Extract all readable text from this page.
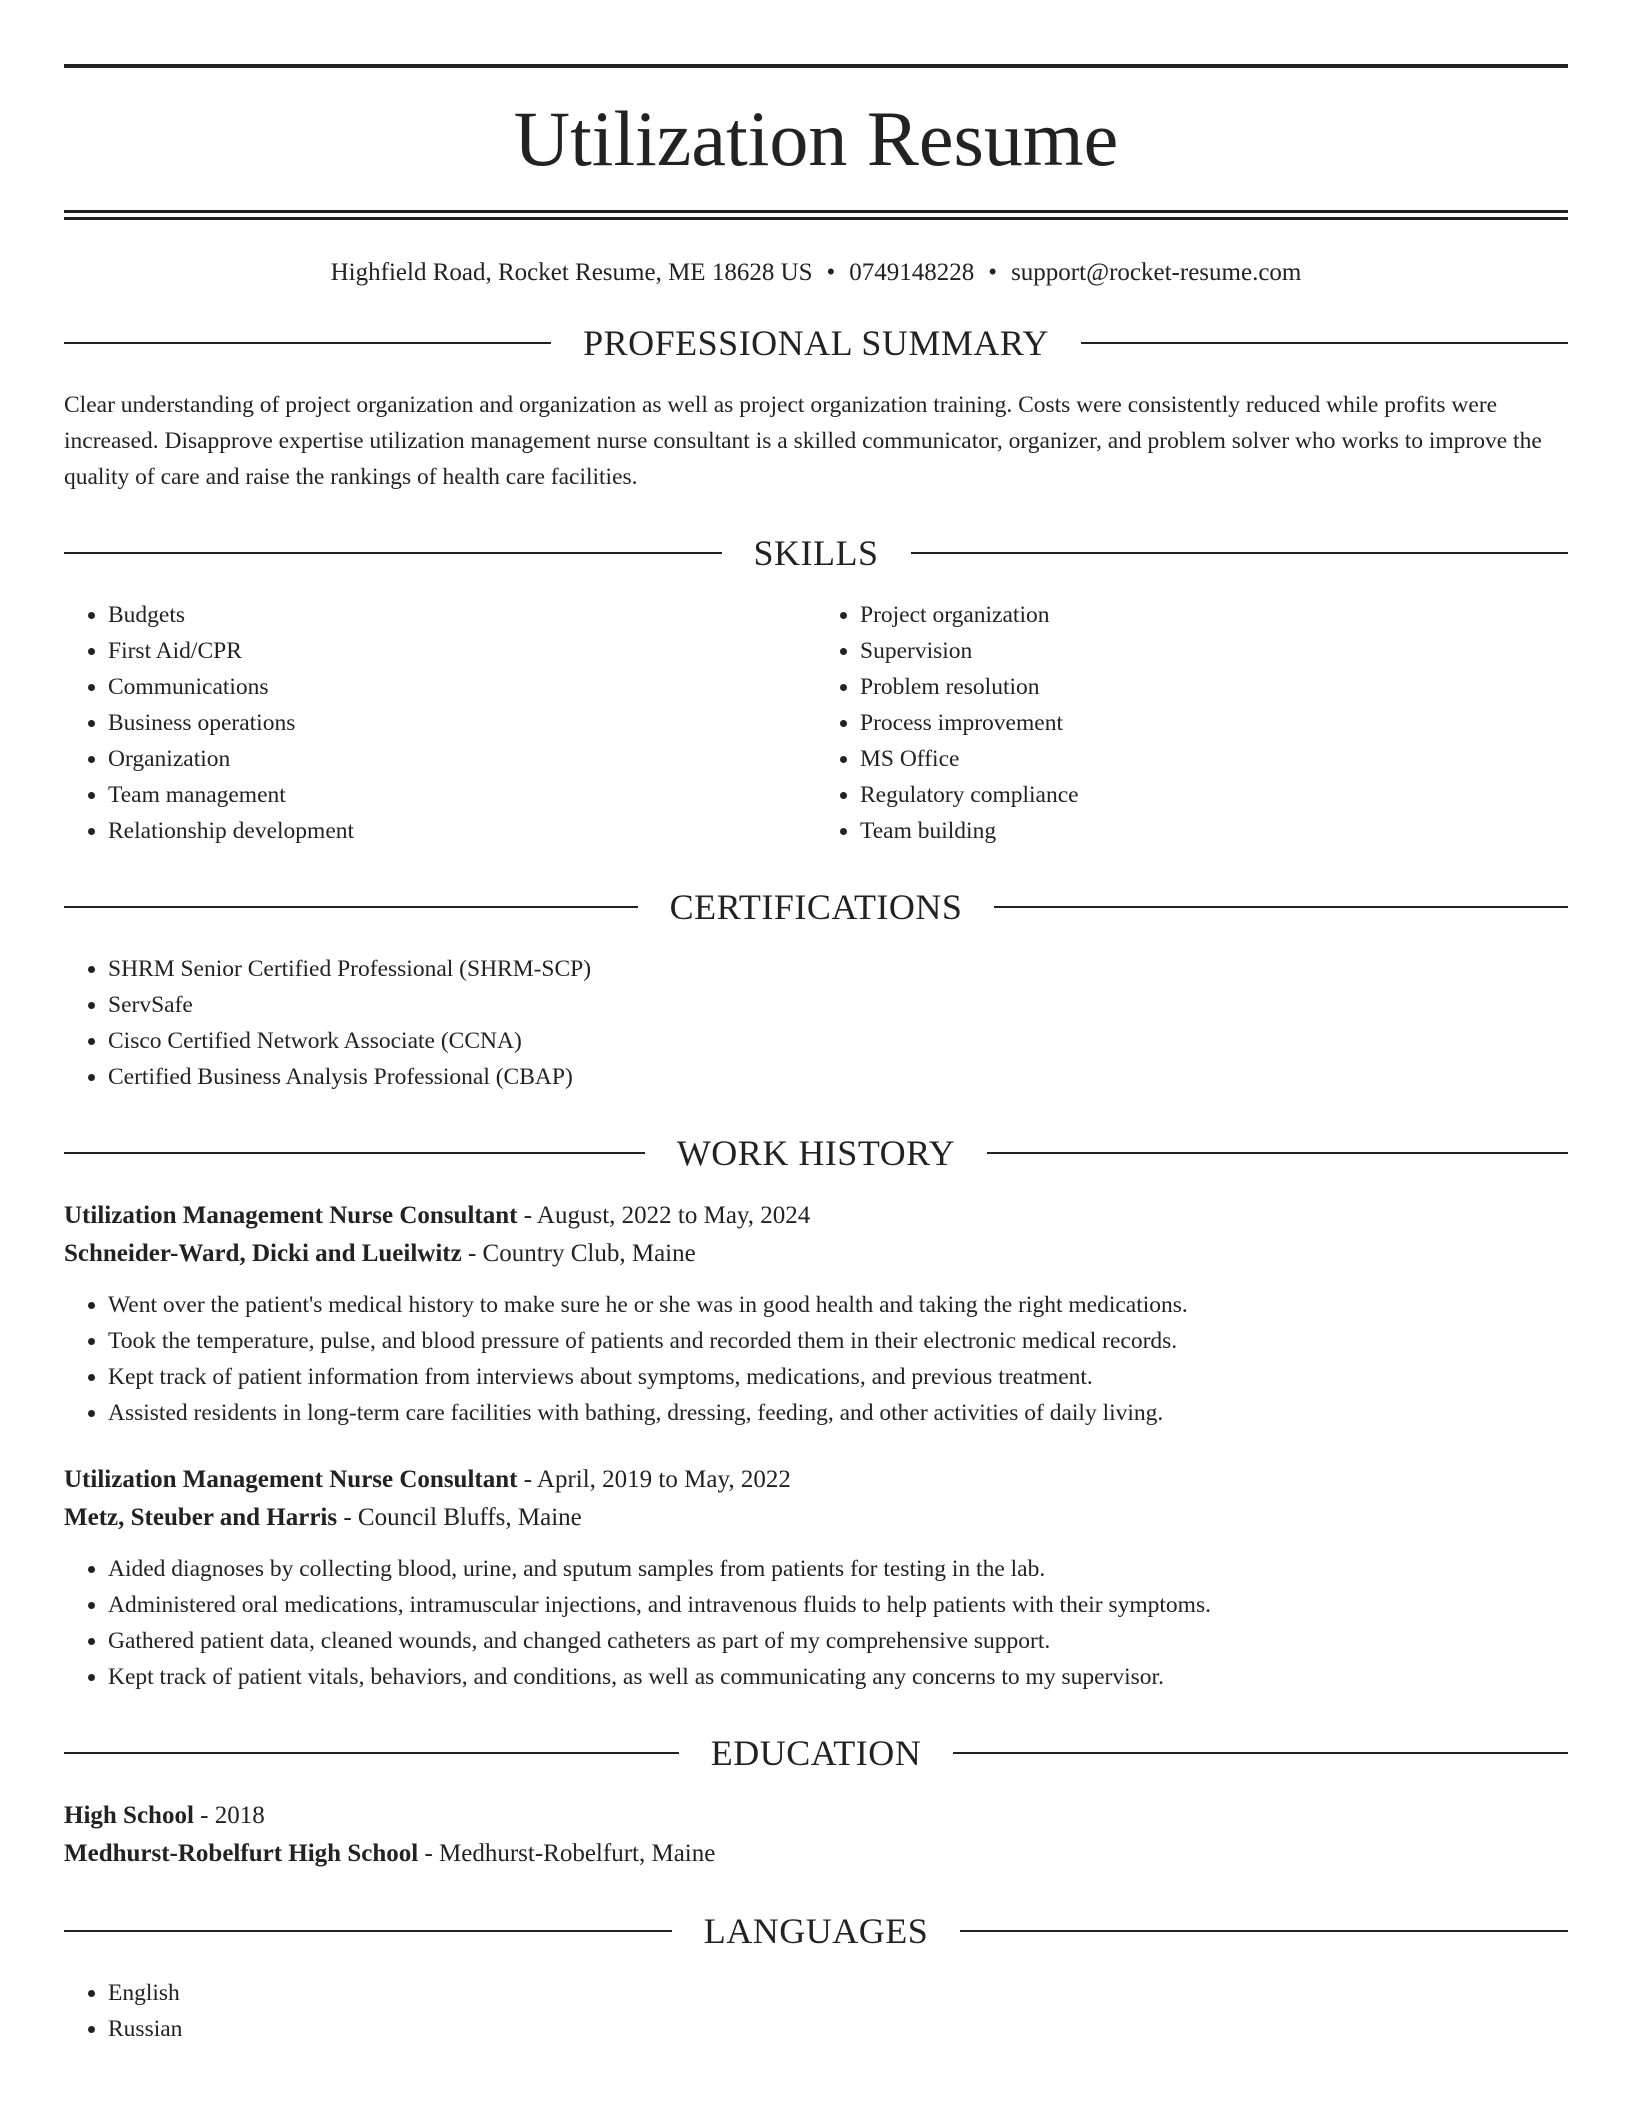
Utilization Resume
Highfield Road, Rocket Resume, ME 18628 US • 0749148228 • support@rocket-resume.com
PROFESSIONAL SUMMARY

Clear understanding of project organization and organization as well as project organization training. Costs were consistently reduced while profits were increased. Disapprove expertise utilization management nurse consultant is a skilled communicator, organizer, and problem solver who works to improve the quality of care and raise the rankings of health care facilities.

SKILLS
• Budgets
• First Aid/CPR
• Communications
• Business operations
• Organization
• Team management
• Relationship development
• Project organization
• Supervision
• Problem resolution
• Process improvement
• MS Office
• Regulatory compliance
• Team building
CERTIFICATIONS
• SHRM Senior Certified Professional (SHRM-SCP)
• ServSafe
• Cisco Certified Network Associate (CCNA)
• Certified Business Analysis Professional (CBAP)
WORK HISTORY
Utilization Management Nurse Consultant - August, 2022 to May, 2024
Schneider-Ward, Dicki and Lueilwitz - Country Club, Maine
• Went over the patient's medical history to make sure he or she was in good health and taking the right medications.
• Took the temperature, pulse, and blood pressure of patients and recorded them in their electronic medical records.
• Kept track of patient information from interviews about symptoms, medications, and previous treatment.
• Assisted residents in long-term care facilities with bathing, dressing, feeding, and other activities of daily living.
Utilization Management Nurse Consultant - April, 2019 to May, 2022
Metz, Steuber and Harris - Council Bluffs, Maine
• Aided diagnoses by collecting blood, urine, and sputum samples from patients for testing in the lab.
• Administered oral medications, intramuscular injections, and intravenous fluids to help patients with their symptoms.
• Gathered patient data, cleaned wounds, and changed catheters as part of my comprehensive support.
• Kept track of patient vitals, behaviors, and conditions, as well as communicating any concerns to my supervisor.
EDUCATION
High School - 2018
Medhurst-Robelfurt High School - Medhurst-Robelfurt, Maine
LANGUAGES
• English
• Russian
